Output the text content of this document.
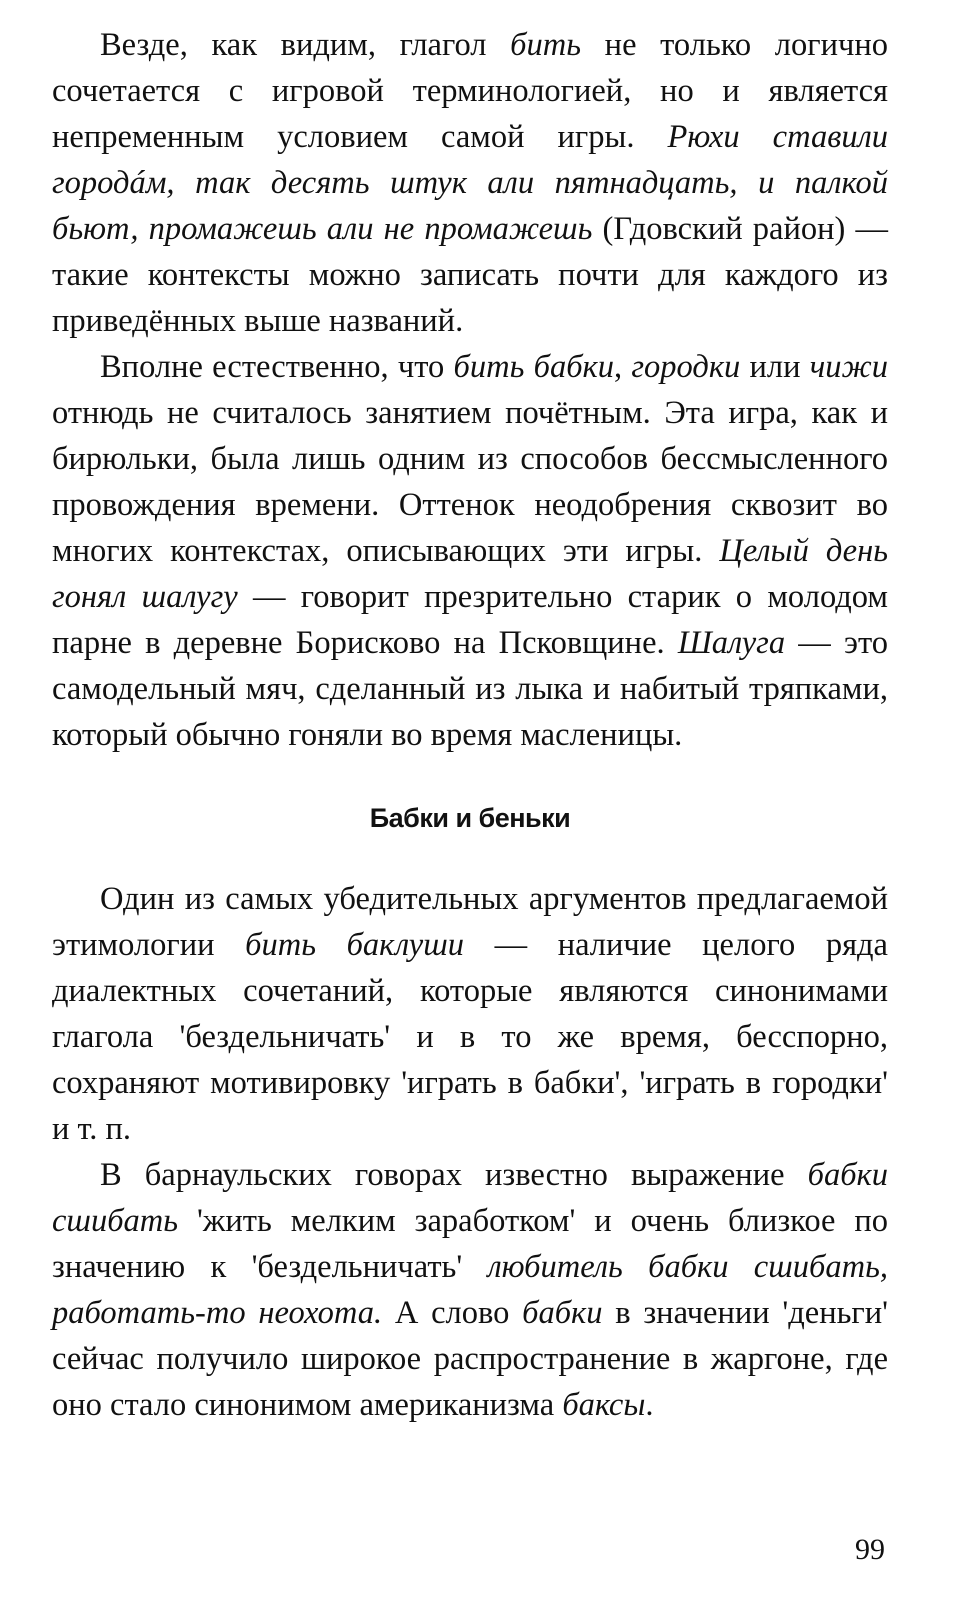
Везде, как видим, глагол бить не только логично сочетается с игровой терминологией, но и является непременным условием самой игры. Рюхи ставили городáм, так десять штук али пятнадцать, и палкой бьют, промажешь али не промажешь (Гдовский район) — такие контексты можно записать почти для каждого из приведённых выше названий.

Вполне естественно, что бить бабки, городки или чижи отнюдь не считалось занятием почётным. Эта игра, как и бирюльки, была лишь одним из способов бессмысленного провождения времени. Оттенок неодобрения сквозит во многих контекстах, описывающих эти игры. Целый день гонял шалугу — говорит презрительно старик о молодом парне в деревне Борисково на Псковщине. Шалуга — это самодельный мяч, сделанный из лыка и набитый тряпками, который обычно гоняли во время масленицы.

Бабки и беньки

Один из самых убедительных аргументов предлагаемой этимологии бить баклуши — наличие целого ряда диалектных сочетаний, которые являются синонимами глагола 'бездельничать' и в то же время, бесспорно, сохраняют мотивировку 'играть в бабки', 'играть в городки' и т. п.

В барнаульских говорах известно выражение бабки сшибать 'жить мелким заработком' и очень близкое по значению к 'бездельничать' любитель бабки сшибать, работать-то неохота. А слово бабки в значении 'деньги' сейчас получило широкое распространение в жаргоне, где оно стало синонимом американизма баксы.

99
